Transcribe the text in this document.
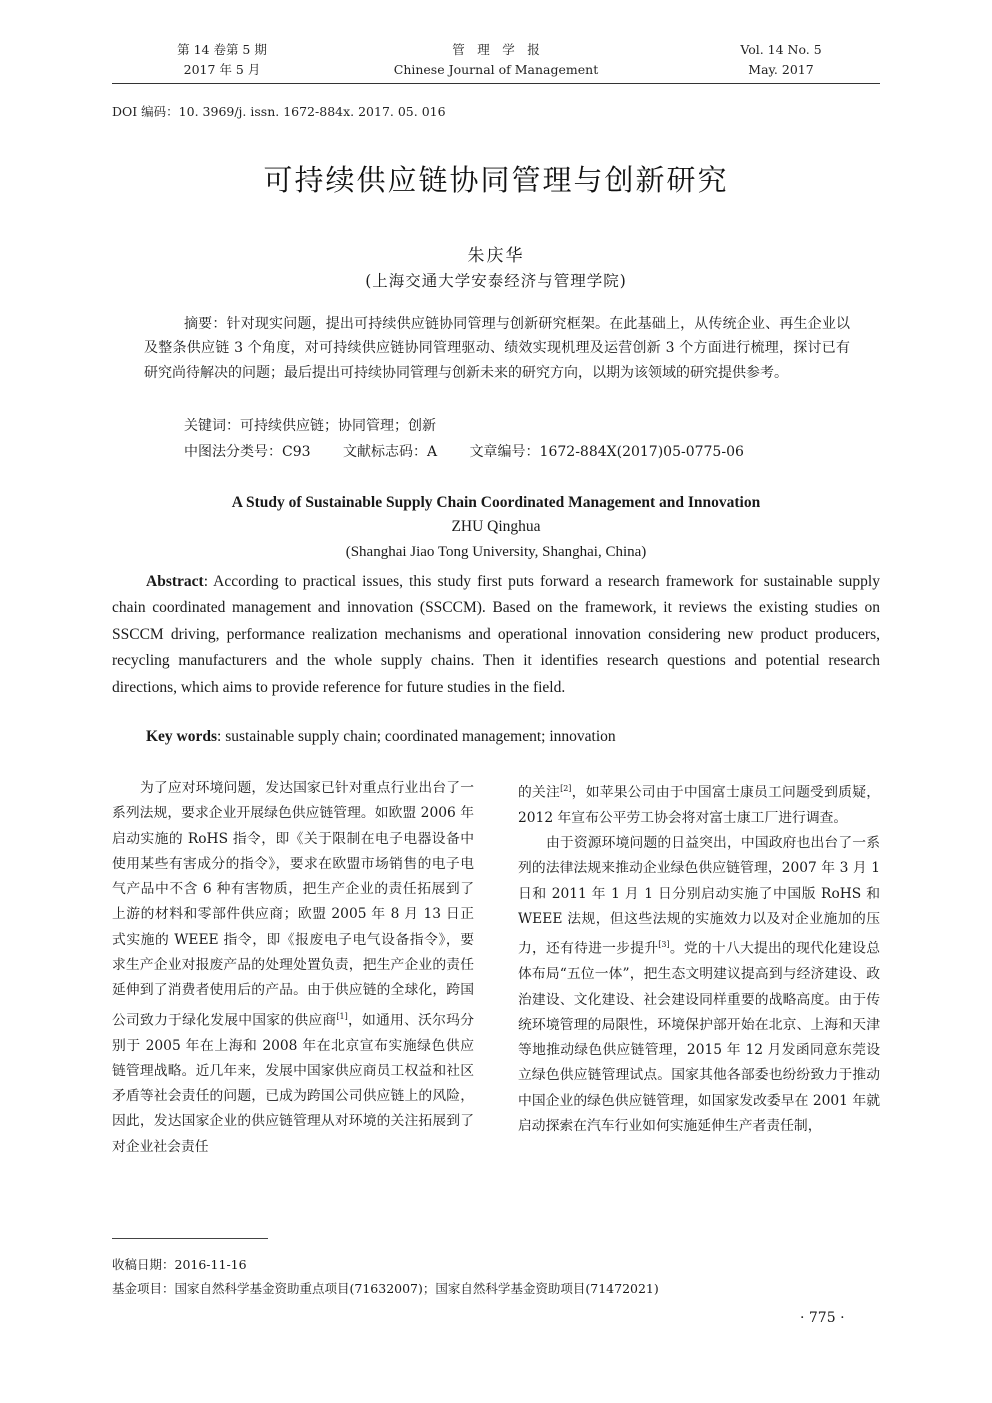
第 14 卷第 5 期
2017 年 5 月
管　理　学　报
Chinese Journal of Management
Vol. 14 No. 5
May. 2017
DOI 编码：10. 3969/j. issn. 1672-884x. 2017. 05. 016
可持续供应链协同管理与创新研究
朱庆华
(上海交通大学安泰经济与管理学院)

摘要：针对现实问题，提出可持续供应链协同管理与创新研究框架。在此基础上，从传统企业、再生企业以及整条供应链 3 个角度，对可持续供应链协同管理驱动、绩效实现机理及运营创新 3 个方面进行梳理，探讨已有研究尚待解决的问题；最后提出可持续协同管理与创新未来的研究方向，以期为该领域的研究提供参考。

关键词：可持续供应链；协同管理；创新
中图法分类号：C93 文献标志码：A 文章编号：1672-884X(2017)05-0775-06
A Study of Sustainable Supply Chain Coordinated Management and Innovation
ZHU Qinghua
(Shanghai Jiao Tong University, Shanghai, China)

Abstract: According to practical issues, this study first puts forward a research framework for sustainable supply chain coordinated management and innovation (SSCCM). Based on the framework, it reviews the existing studies on SSCCM driving, performance realization mechanisms and operational innovation considering new product producers, recycling manufacturers and the whole supply chains. Then it identifies research questions and potential research directions, which aims to provide reference for future studies in the field.

Key words: sustainable supply chain; coordinated management; innovation

为了应对环境问题，发达国家已针对重点行业出台了一系列法规，要求企业开展绿色供应链管理。如欧盟 2006 年启动实施的 RoHS 指令，即《关于限制在电子电器设备中使用某些有害成分的指令》，要求在欧盟市场销售的电子电气产品中不含 6 种有害物质，把生产企业的责任拓展到了上游的材料和零部件供应商；欧盟 2005 年 8 月 13 日正式实施的 WEEE 指令，即《报废电子电气设备指令》，要求生产企业对报废产品的处理处置负责，把生产企业的责任延伸到了消费者使用后的产品。由于供应链的全球化，跨国公司致力于绿化发展中国家的供应商[1]，如通用、沃尔玛分别于 2005 年在上海和 2008 年在北京宣布实施绿色供应链管理战略。近几年来，发展中国家供应商员工权益和社区矛盾等社会责任的问题，已成为跨国公司供应链上的风险，因此，发达国家企业的供应链管理从对环境的关注拓展到了对企业社会责任

的关注[2]，如苹果公司由于中国富士康员工问题受到质疑，2012 年宣布公平劳工协会将对富士康工厂进行调查。

由于资源环境问题的日益突出，中国政府也出台了一系列的法律法规来推动企业绿色供应链管理，2007 年 3 月 1 日和 2011 年 1 月 1 日分别启动实施了中国版 RoHS 和 WEEE 法规，但这些法规的实施效力以及对企业施加的压力，还有待进一步提升[3]。党的十八大提出的现代化建设总体布局“五位一体”，把生态文明建议提高到与经济建设、政治建设、文化建设、社会建设同样重要的战略高度。由于传统环境管理的局限性，环境保护部开始在北京、上海和天津等地推动绿色供应链管理，2015 年 12 月发函同意东莞设立绿色供应链管理试点。国家其他各部委也纷纷致力于推动中国企业的绿色供应链管理，如国家发改委早在 2001 年就启动探索在汽车行业如何实施延伸生产者责任制，

收稿日期：2016-11-16
基金项目：国家自然科学基金资助重点项目(71632007)；国家自然科学基金资助项目(71472021)
· 775 ·
